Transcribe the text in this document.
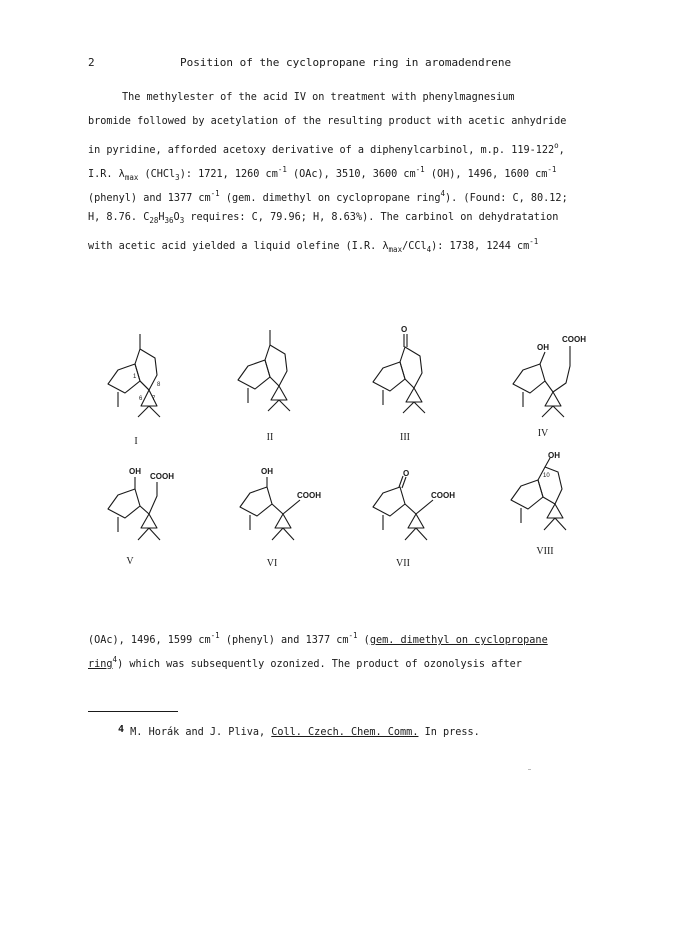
2	Position of the cyclopropane ring in aromadendrene
The methylester of the acid IV on treatment with phenylmagnesium
bromide followed by acetylation of the resulting product with acetic anhydride
in pyridine, afforded acetoxy derivative of a diphenylcarbinol, m.p. 119-122$^o$,
I.R. $\lambda_{max}$ (CHCl$_3$): 1721, 1260 $cm^{-1}$ (OAc), 3510, 3600 $cm^{-1}$ (OH), 1496, 1600 $cm^{-1}$
(phenyl) and 1377 $cm^{-1}$ (gem. dimethyl on cyclopropane ring$^4$). (Found: C, 80.12;
H, 8.76. $C_{28}H_{36}O_3$ requires: C, 79.96; H, 8.63%). The carbinol on dehydratation
with acetic acid yielded a liquid olefine (I.R. $\lambda_{max}/CCl_4$): 1738, 1244 $cm^{-1}$
1
8
6 7
I	II
O
III
OH
COOH
IV
OH
COOH
V
OH
COOH
VI
O
COOH
VII
OH
10
VIII
(OAc), 1496, 1599 $cm^{-1}$ (phenyl) and 1377 $cm^{-1}$ (gem. dimethyl on cyclopropane
ring$^4$) which was subsequently ozonized. The product of ozonolysis after
$^4$ M. Horák and J. Pliva, Coll. Czech. Chem. Comm. In press.
